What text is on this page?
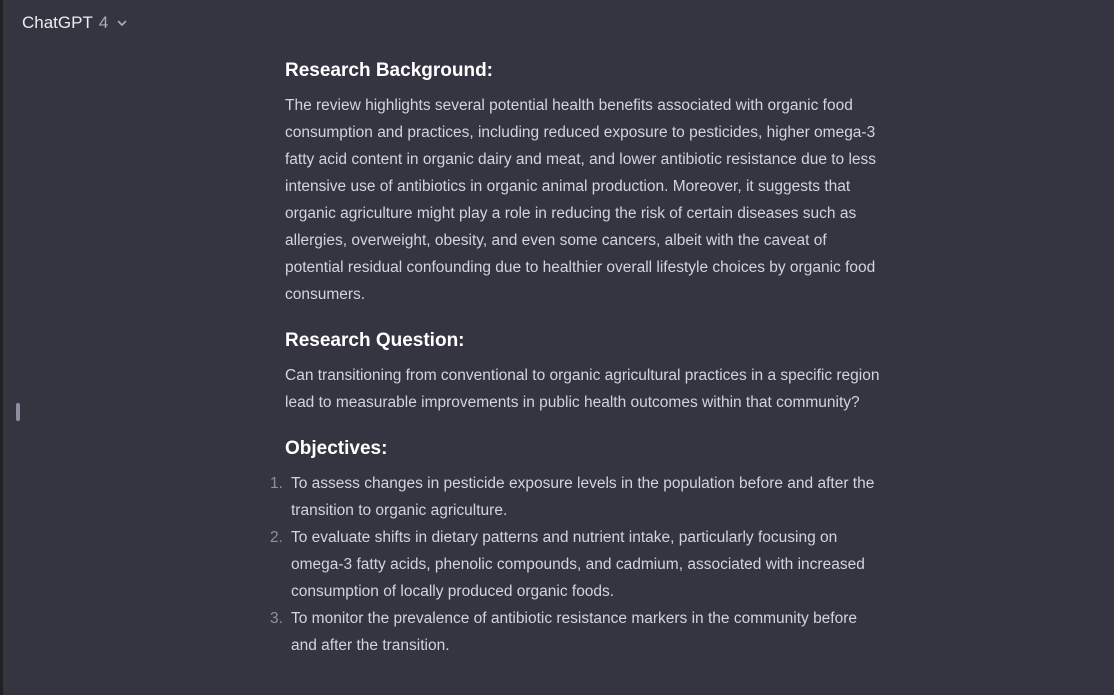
ChatGPT 4
Research Background:

The review highlights several potential health benefits associated with organic food consumption and practices, including reduced exposure to pesticides, higher omega-3 fatty acid content in organic dairy and meat, and lower antibiotic resistance due to less intensive use of antibiotics in organic animal production. Moreover, it suggests that organic agriculture might play a role in reducing the risk of certain diseases such as allergies, overweight, obesity, and even some cancers, albeit with the caveat of potential residual confounding due to healthier overall lifestyle choices by organic food consumers.

Research Question:

Can transitioning from conventional to organic agricultural practices in a specific region lead to measurable improvements in public health outcomes within that community?

Objectives:
1. To assess changes in pesticide exposure levels in the population before and after the transition to organic agriculture.
2. To evaluate shifts in dietary patterns and nutrient intake, particularly focusing on omega-3 fatty acids, phenolic compounds, and cadmium, associated with increased consumption of locally produced organic foods.
3. To monitor the prevalence of antibiotic resistance markers in the community before and after the transition.
